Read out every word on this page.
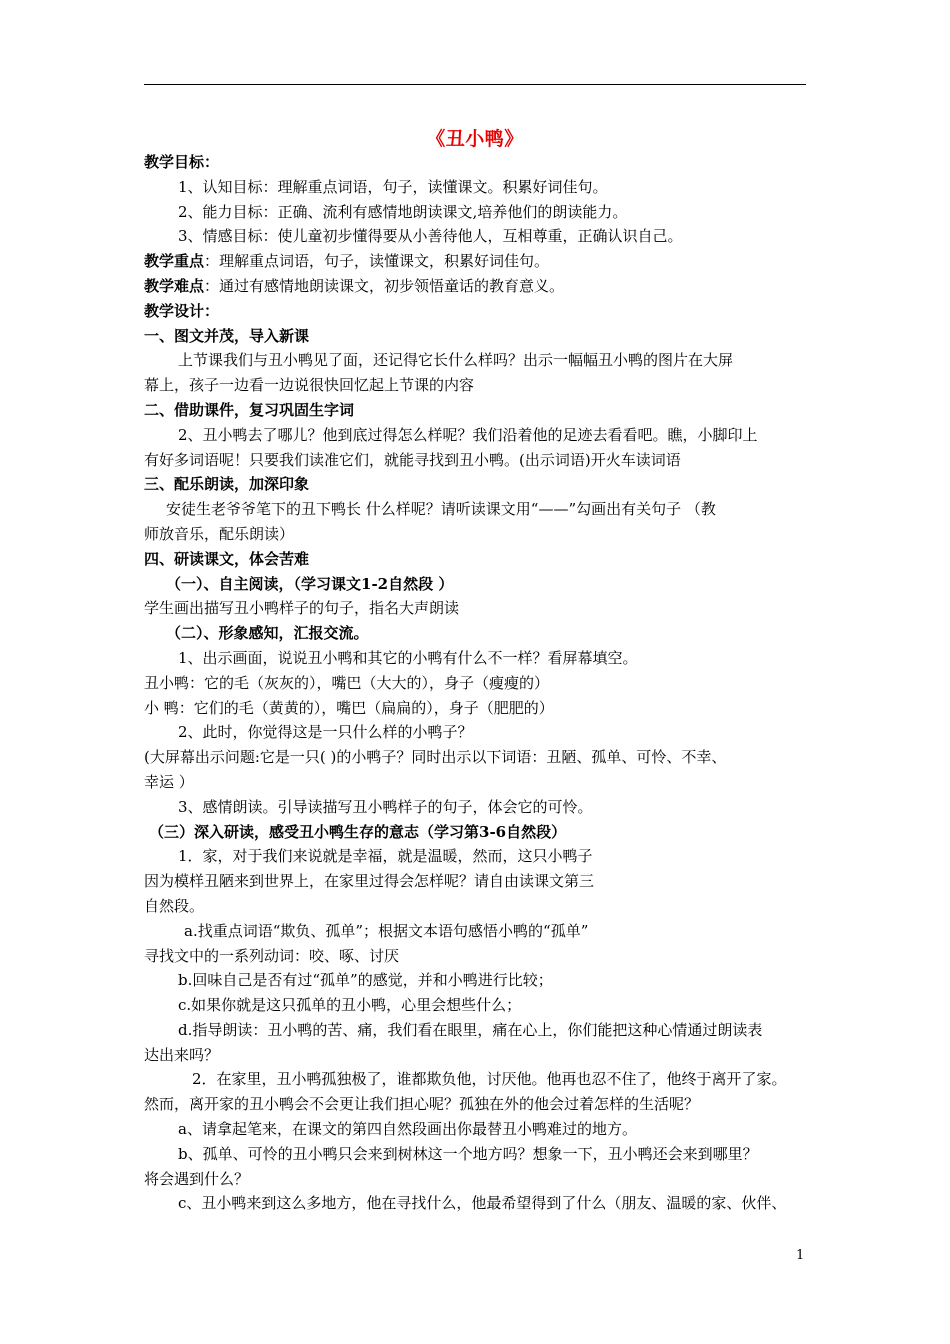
《丑小鸭》

教学目标：

1、认知目标：理解重点词语，句子，读懂课文。积累好词佳句。

2、能力目标：正确、流利有感情地朗读课文,培养他们的朗读能力。

3、情感目标：使儿童初步懂得要从小善待他人，互相尊重，正确认识自己。

教学重点：理解重点词语，句子，读懂课文，积累好词佳句。

教学难点：通过有感情地朗读课文，初步领悟童话的教育意义。

教学设计：

一、图文并茂，导入新课

上节课我们与丑小鸭见了面，还记得它长什么样吗？出示一幅幅丑小鸭的图片在大屏

幕上，孩子一边看一边说很快回忆起上节课的内容

二、借助课件，复习巩固生字词

2、丑小鸭去了哪儿？他到底过得怎么样呢？我们沿着他的足迹去看看吧。瞧，小脚印上

有好多词语呢！只要我们读准它们，就能寻找到丑小鸭。(出示词语)开火车读词语

三、配乐朗读，加深印象

安徒生老爷爷笔下的丑下鸭长 什么样呢？请听读课文用“——”勾画出有关句子 （教

师放音乐，配乐朗读）

四、研读课文，体会苦难

（一）、自主阅读，（学习课文1-2自然段 ）

学生画出描写丑小鸭样子的句子，指名大声朗读

（二）、形象感知，汇报交流。

1、出示画面，说说丑小鸭和其它的小鸭有什么不一样？看屏幕填空。

丑小鸭：它的毛（灰灰的），嘴巴（大大的），身子（瘦瘦的）

小 鸭：它们的毛（黄黄的），嘴巴（扁扁的），身子（肥肥的）

2、此时，你觉得这是一只什么样的小鸭子？

(大屏幕出示问题:它是一只( )的小鸭子？同时出示以下词语：丑陋、孤单、可怜、不幸、

幸运 ）

3、感情朗读。引导读描写丑小鸭样子的句子，体会它的可怜。

（三）深入研读，感受丑小鸭生存的意志（学习第3-6自然段）

1．家，对于我们来说就是幸福，就是温暖，然而，这只小鸭子

因为模样丑陋来到世界上，在家里过得会怎样呢？请自由读课文第三

自然段。

a.找重点词语“欺负、孤单”；根据文本语句感悟小鸭的“孤单”

寻找文中的一系列动词：咬、啄、讨厌

b.回味自己是否有过“孤单”的感觉，并和小鸭进行比较；

c.如果你就是这只孤单的丑小鸭，心里会想些什么；

d.指导朗读：丑小鸭的苦、痛，我们看在眼里，痛在心上，你们能把这种心情通过朗读表

达出来吗？

2．在家里，丑小鸭孤独极了，谁都欺负他，讨厌他。他再也忍不住了，他终于离开了家。

然而，离开家的丑小鸭会不会更让我们担心呢？孤独在外的他会过着怎样的生活呢？

a、请拿起笔来，在课文的第四自然段画出你最替丑小鸭难过的地方。

b、孤单、可怜的丑小鸭只会来到树林这一个地方吗？想象一下，丑小鸭还会来到哪里？

将会遇到什么？

c、丑小鸭来到这么多地方，他在寻找什么，他最希望得到了什么（朋友、温暖的家、伙伴、

1
